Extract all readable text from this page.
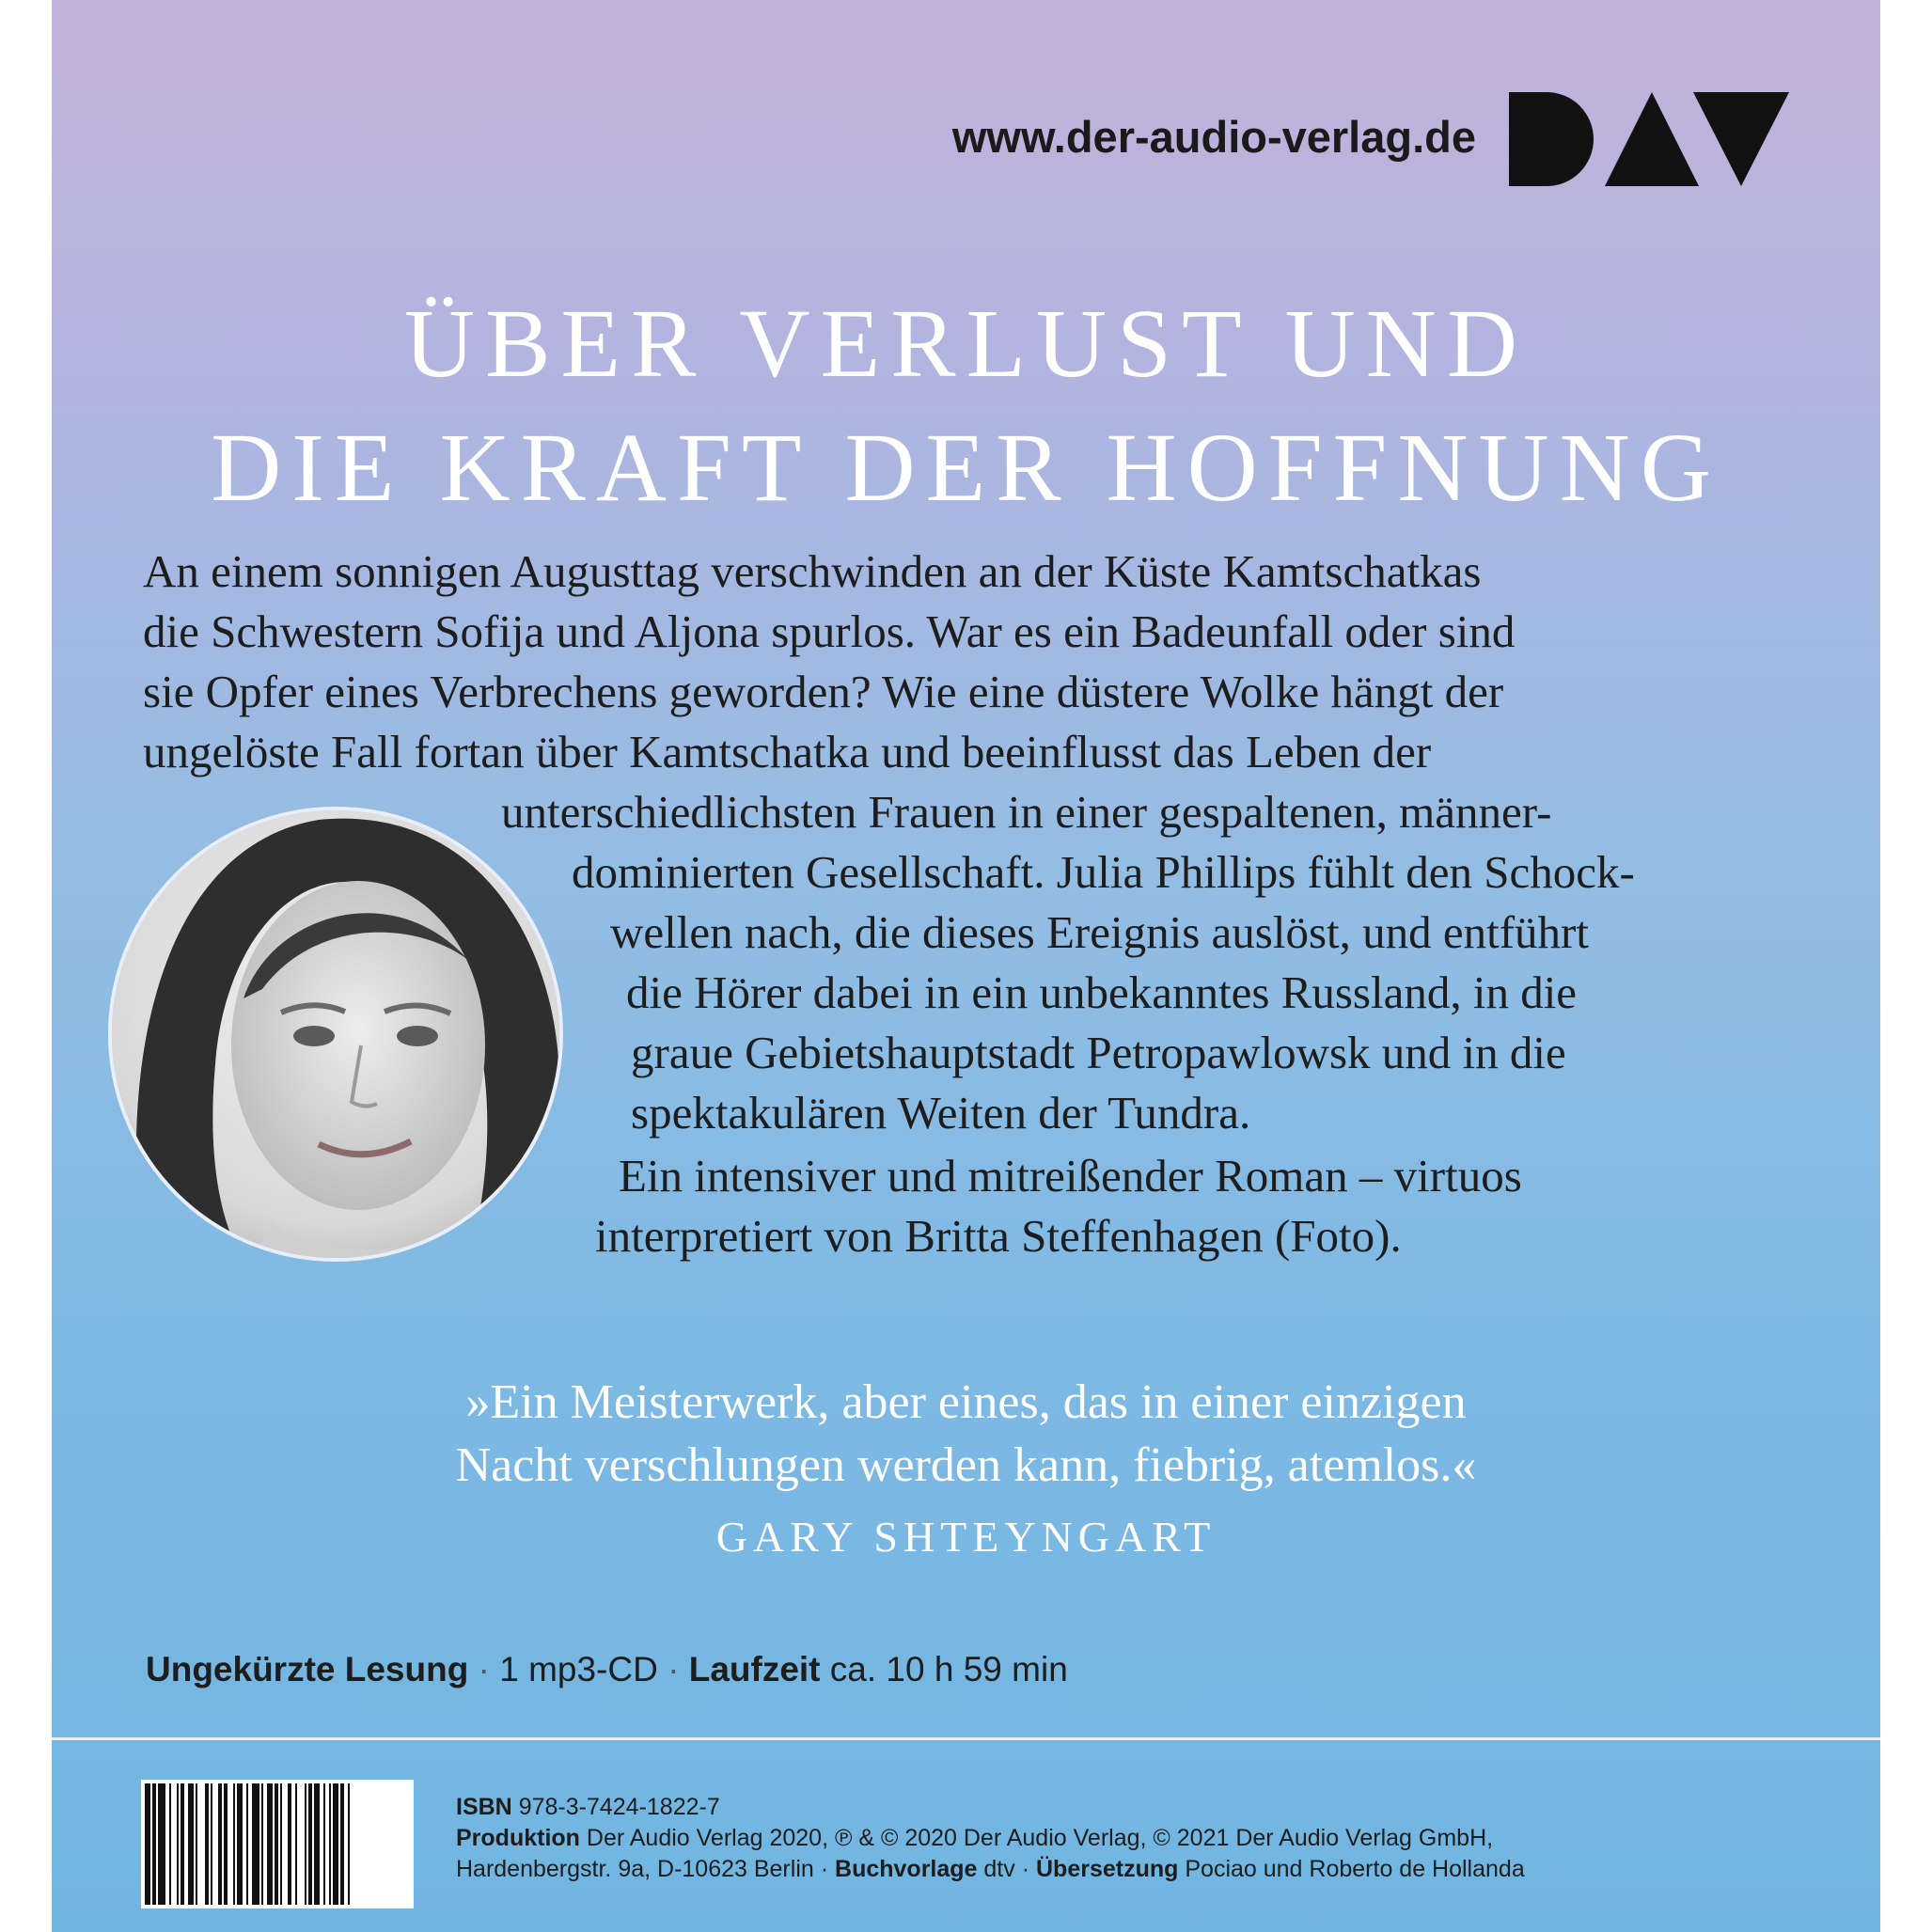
www.der-audio-verlag.de
ÜBER VERLUST UND
DIE KRAFT DER HOFFNUNG
An einem sonnigen Augusttag verschwinden an der Küste Kamtschatkas
die Schwestern Sofija und Aljona spurlos. War es ein Badeunfall oder sind
sie Opfer eines Verbrechens geworden? Wie eine düstere Wolke hängt der
ungelöste Fall fortan über Kamtschatka und beeinflusst das Leben der
unterschiedlichsten Frauen in einer gespaltenen, männer-
dominierten Gesellschaft. Julia Phillips fühlt den Schock-
wellen nach, die dieses Ereignis auslöst, und entführt
die Hörer dabei in ein unbekanntes Russland, in die
graue Gebietshauptstadt Petropawlowsk und in die
spektakulären Weiten der Tundra.
Ein intensiver und mitreißender Roman – virtuos
interpretiert von Britta Steffenhagen (Foto).
»Ein Meisterwerk, aber eines, das in einer einzigen
Nacht verschlungen werden kann, fiebrig, atemlos.«
GARY SHTEYNGART
Ungekürzte Lesung · 1 mp3-CD · Laufzeit ca. 10 h 59 min
ISBN 978-3-7424-1822-7
Produktion Der Audio Verlag 2020, ℗ & © 2020 Der Audio Verlag, © 2021 Der Audio Verlag GmbH,
Hardenbergstr. 9a, D-10623 Berlin · Buchvorlage dtv · Übersetzung Pociao und Roberto de Hollanda
